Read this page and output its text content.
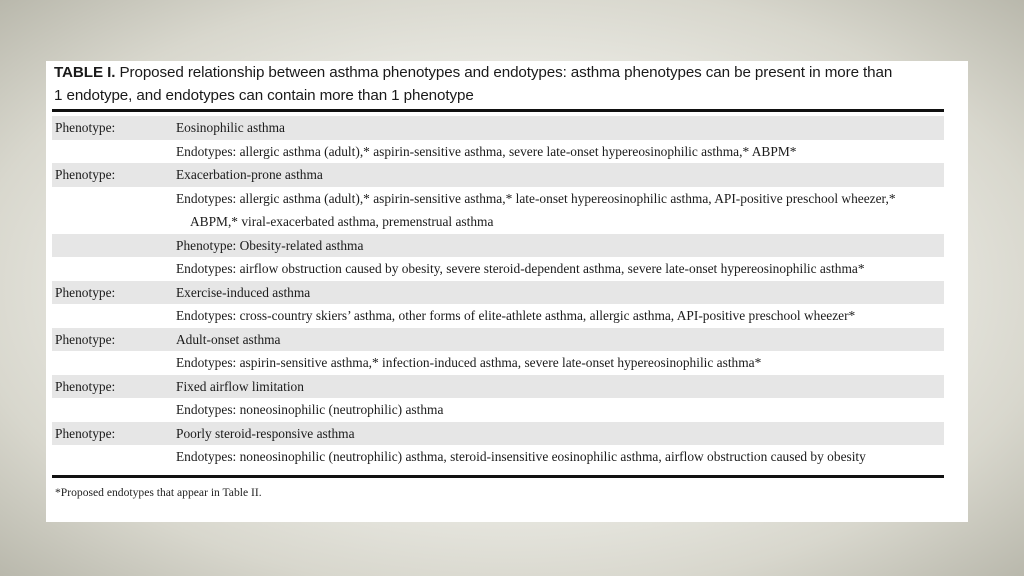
TABLE I. Proposed relationship between asthma phenotypes and endotypes: asthma phenotypes can be present in more than
1 endotype, and endotypes can contain more than 1 phenotype
Phenotype:	Eosinophilic asthma
Endotypes: allergic asthma (adult),* aspirin-sensitive asthma, severe late-onset hypereosinophilic asthma,* ABPM*
Phenotype:	Exacerbation-prone asthma
Endotypes: allergic asthma (adult),* aspirin-sensitive asthma,* late-onset hypereosinophilic asthma, API-positive preschool wheezer,*
ABPM,* viral-exacerbated asthma, premenstrual asthma
Phenotype: Obesity-related asthma
Endotypes: airflow obstruction caused by obesity, severe steroid-dependent asthma, severe late-onset hypereosinophilic asthma*
Phenotype:	Exercise-induced asthma
Endotypes: cross-country skiers’ asthma, other forms of elite-athlete asthma, allergic asthma, API-positive preschool wheezer*
Phenotype:	Adult-onset asthma
Endotypes: aspirin-sensitive asthma,* infection-induced asthma, severe late-onset hypereosinophilic asthma*
Phenotype:	Fixed airflow limitation
Endotypes: noneosinophilic (neutrophilic) asthma
Phenotype:	Poorly steroid-responsive asthma
Endotypes: noneosinophilic (neutrophilic) asthma, steroid-insensitive eosinophilic asthma, airflow obstruction caused by obesity
*Proposed endotypes that appear in Table II.
